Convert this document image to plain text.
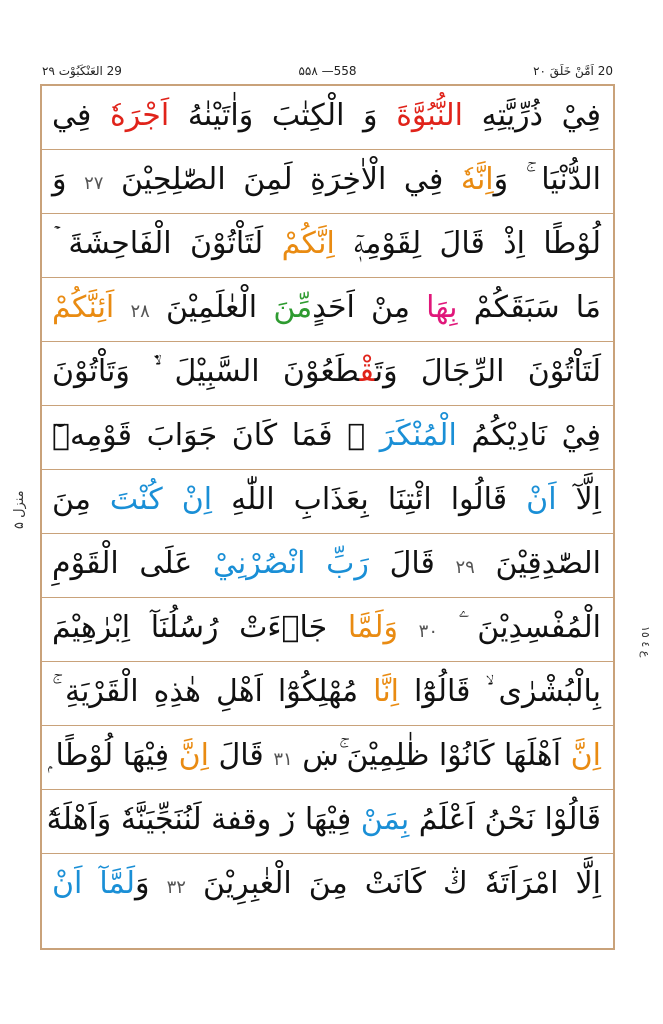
29 العَنْكَبُوْت ٢٩	۵۵۸ —558	20 اَمَّنْ خَلَقَ ٢٠
فِيْ ذُرِّيَّتِهِ النُّبُوَّةَ وَ الْكِتٰبَ وَاٰتَيْنٰهُ اَجْرَهٗ فِي
الدُّنْيَا ۚ وَاِنَّهٗ فِي الْاٰخِرَةِ لَمِنَ الصّٰلِحِيْنَ ٢٧ وَ
لُوْطًا اِذْ قَالَ لِقَوْمِهٖٓ اِنَّكُمْ لَتَاْتُوْنَ الْفَاحِشَةَ ۡ
مَا سَبَقَكُمْ بِهَا مِنْ اَحَدٍمِّنَ الْعٰلَمِيْنَ ٢٨ اَئِنَّكُمْ
لَتَاْتُوْنَ الرِّجَالَ وَتَقْطَعُوْنَ السَّبِيْلَ ۙ۬ وَتَاْتُوْنَ
فِيْ نَادِيْكُمُ الْمُنْكَرَ ۭ فَمَا كَانَ جَوَابَ قَوْمِهٖٓ
اِلَّآ اَنْ قَالُوا ائْتِنَا بِعَذَابِ اللّٰهِ اِنْ كُنْتَ مِنَ
الصّٰدِقِيْنَ ٢٩ قَالَ رَبِّ انْصُرْنِيْ عَلَى الْقَوْمِ
الْمُفْسِدِيْنَ ۧ ٣٠ وَلَمَّا جَاۗءَتْ رُسُلُنَآ اِبْرٰهِيْمَ
بِالْبُشْرٰى ۙ قَالُوْٓا اِنَّا مُهْلِكُوْٓا اَهْلِ هٰذِهِ الْقَرْيَةِ ۚ
اِنَّ اَهْلَهَا كَانُوْا ظٰلِمِيْنَ ۚښ ٣١ قَالَ اِنَّ فِيْهَا لُوْطًا ۭ
قَالُوْا نَحْنُ اَعْلَمُ بِمَنْ فِيْهَا ڒ وقفة لَنُنَجِّيَنَّهٗ وَاَهْلَهٗٓ
اِلَّا امْرَاَتَهٗ ڭ كَانَتْ مِنَ الْغٰبِرِيْنَ ٣٢ وَلَمَّآ اَنْ
منزل ۵
ع ٤ ١٥
